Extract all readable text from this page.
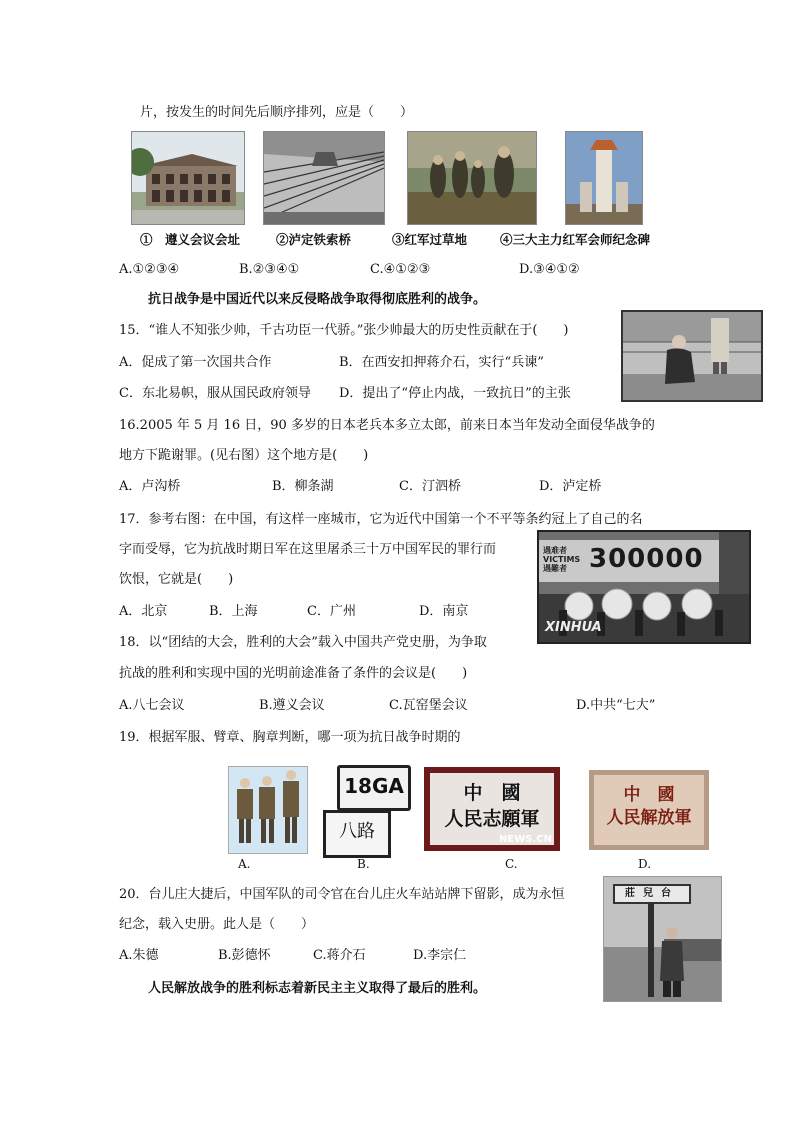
片，按发生的时间先后顺序排列，应是（　　）
①　遵义会议会址	②泸定铁索桥	③红军过草地	④三大主力红军会师纪念碑
A.①②③④	B.②③④①	C.④①②③	D.③④①②
抗日战争是中国近代以来反侵略战争取得彻底胜利的战争。
15．“谁人不知张少帅，千古功臣一代骄。”张少帅最大的历史性贡献在于(　　)
A．促成了第一次国共合作	B．在西安扣押蒋介石，实行“兵谏”
C．东北易帜，服从国民政府领导 D．提出了“停止内战，一致抗日”的主张
16.2005 年 5 月 16 日，90 多岁的日本老兵本多立太郎，前来日本当年发动全面侵华战争的
地方下跪谢罪。(见右图）这个地方是(　　)
A．卢沟桥	B．柳条湖	C．汀泗桥	D．泸定桥
17．参考右图：在中国，有这样一座城市，它为近代中国第一个不平等条约冠上了自己的名
字而受辱，它为抗战时期日军在这里屠杀三十万中国军民的罪行而
饮恨，它就是(　　)
A．北京	B．上海	C．广州	D．南京
遇难者
VICTIMS
遇難者 300000
XINHUA
18．以“团结的大会，胜利的大会”载入中国共产党史册，为争取
抗战的胜利和实现中国的光明前途准备了条件的会议是(　　)
A.八七会议	B.遵义会议	C.瓦窑堡会议	D.中共“七大”
19．根据军服、臂章、胸章判断，哪一项为抗日战争时期的
18GA
八路
中　國
人民志願軍
NEWS.CN
中　國
人民解放軍
A.	B.	C.	D.
20．台儿庄大捷后，中国军队的司令官在台儿庄火车站站牌下留影，成为永恒
纪念，载入史册。此人是（　　）
A.朱德	B.彭德怀	C.蒋介石	D.李宗仁
莊兒台
人民解放战争的胜利标志着新民主主义取得了最后的胜利。
